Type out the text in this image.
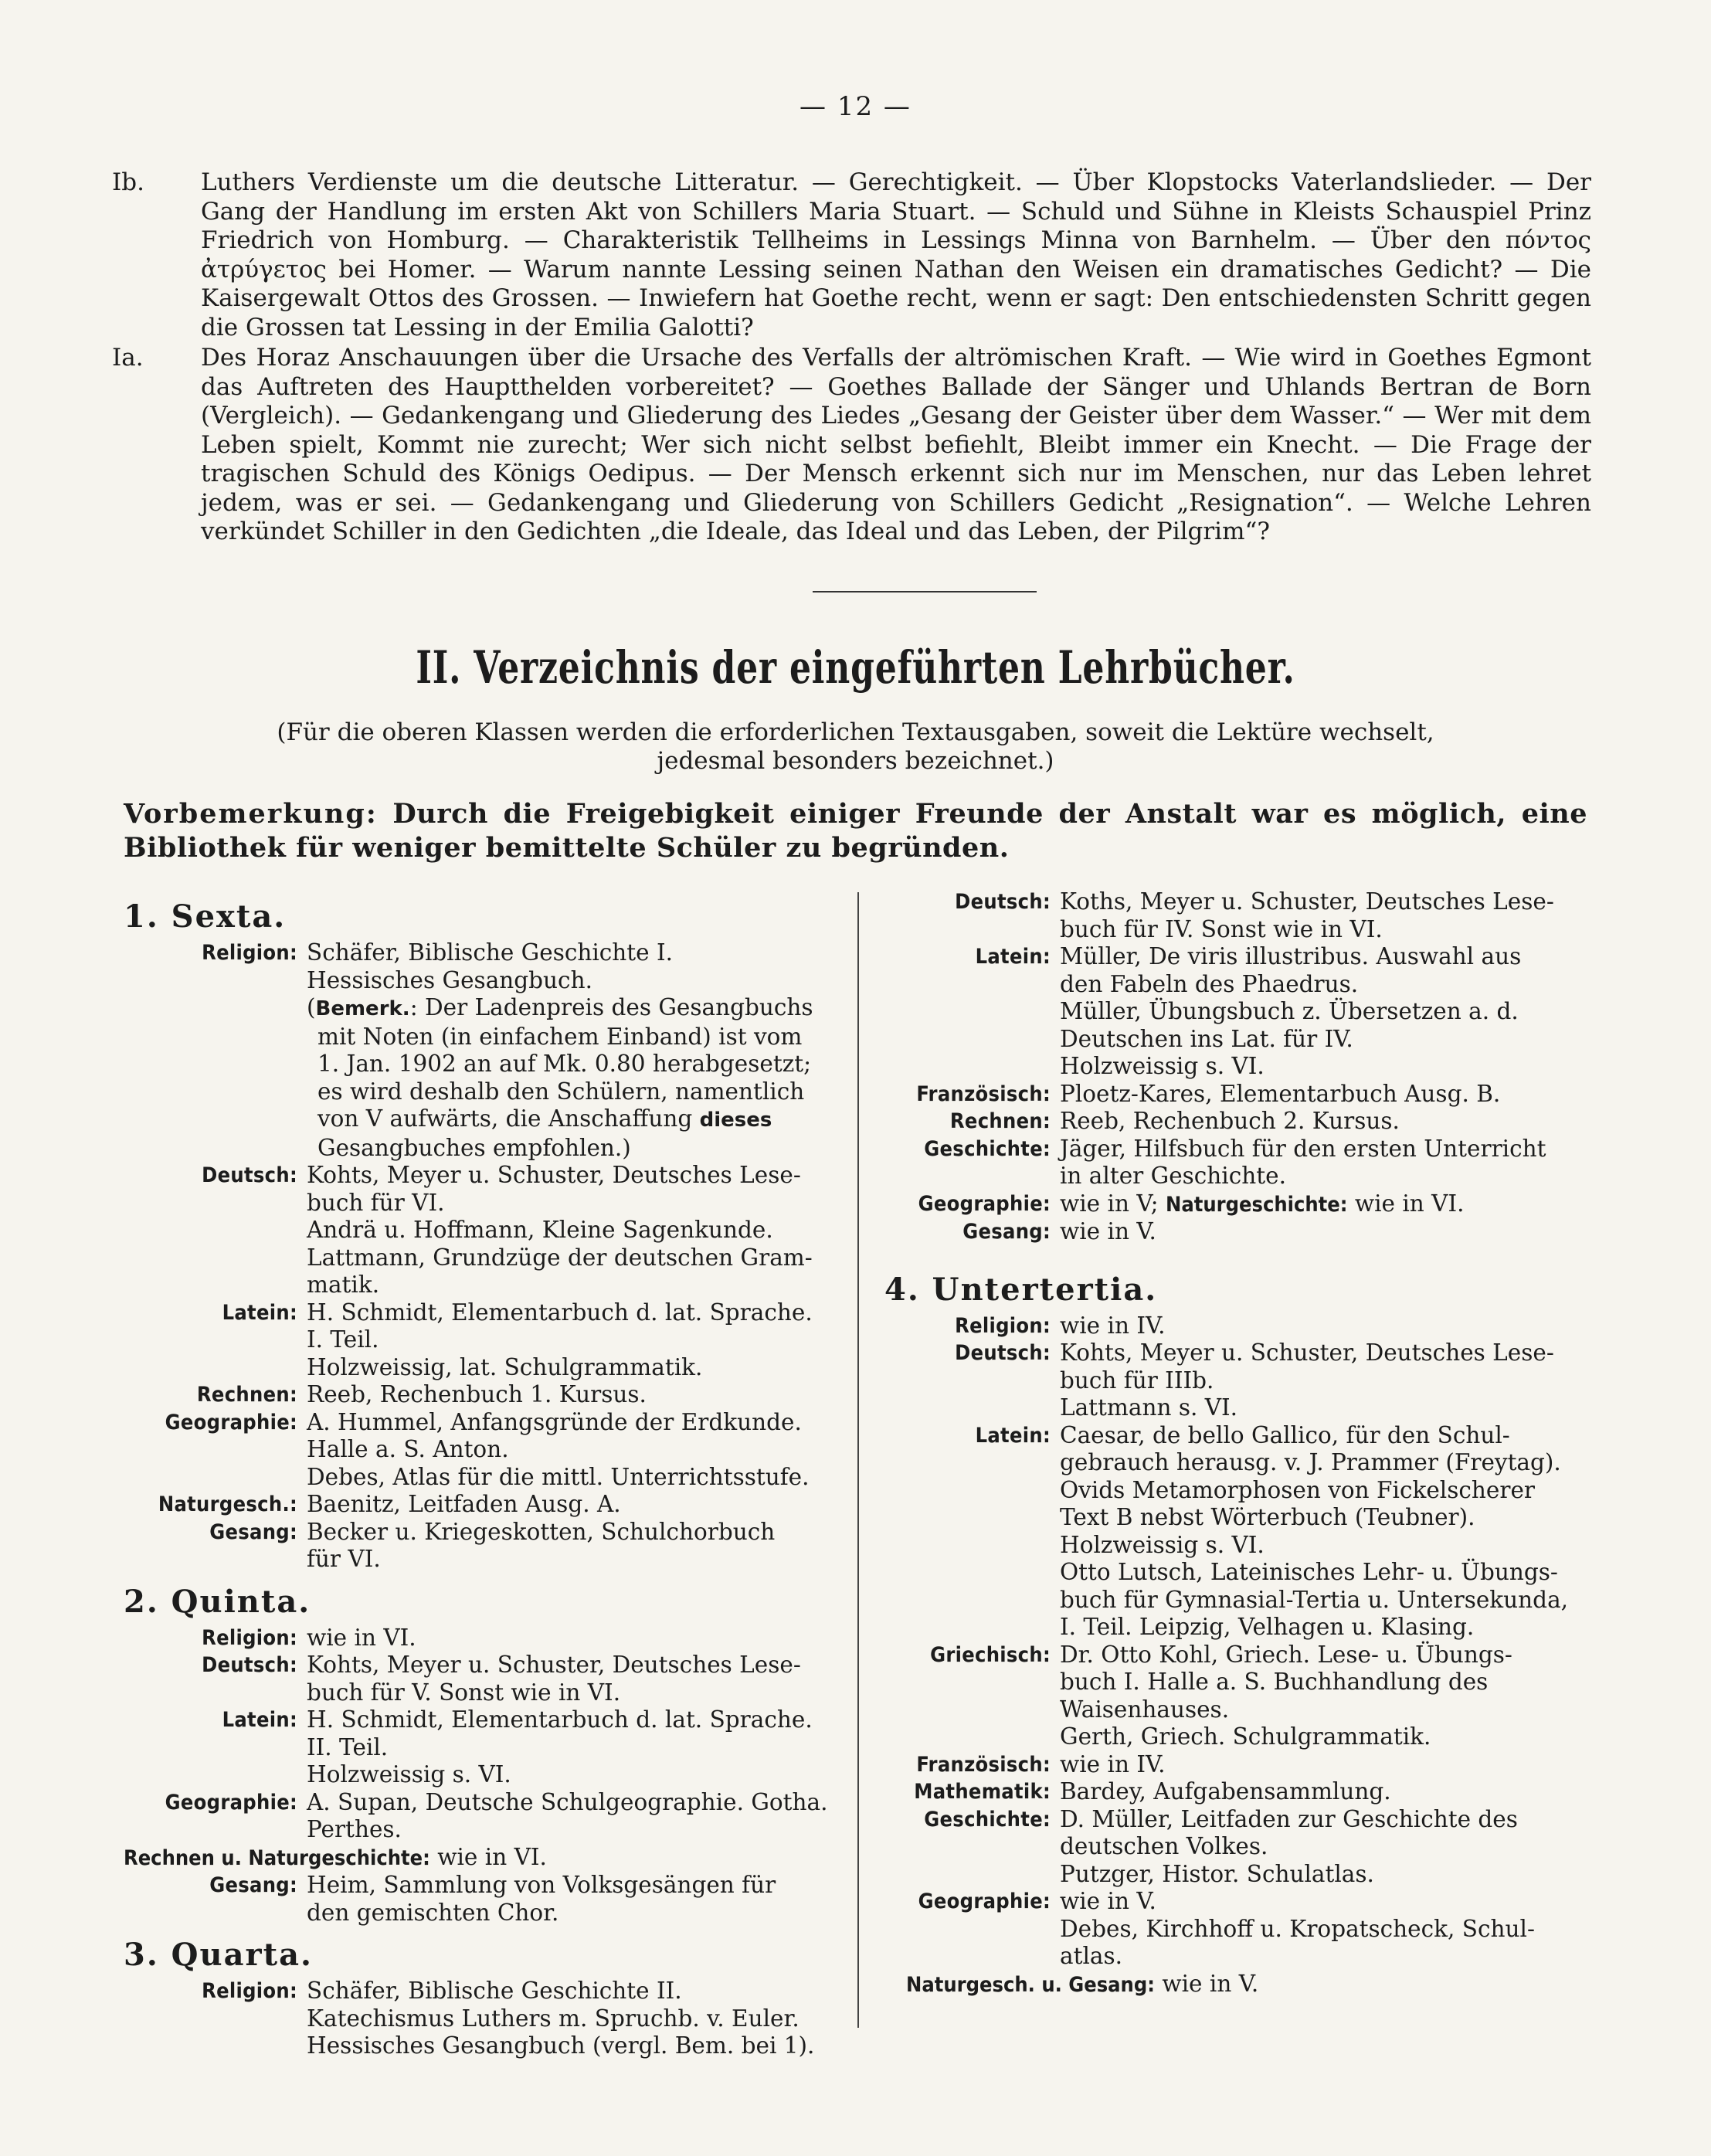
— 12 —
Ib. Luthers Verdienste um die deutsche Litteratur. — Gerechtigkeit. — Über Klopstocks Vaterlandslieder. — Der Gang der Handlung im ersten Akt von Schillers Maria Stuart. — Schuld und Sühne in Kleists Schauspiel Prinz Friedrich von Homburg. — Charakteristik Tellheims in Lessings Minna von Barnhelm. — Über den πόντος ἀτρύγετος bei Homer. — Warum nannte Lessing seinen Nathan den Weisen ein dramatisches Gedicht? — Die Kaisergewalt Ottos des Grossen. — Inwiefern hat Goethe recht, wenn er sagt: Den entschiedensten Schritt gegen die Grossen tat Lessing in der Emilia Galotti?
Ia. Des Horaz Anschauungen über die Ursache des Verfalls der altrömischen Kraft. — Wie wird in Goethes Egmont das Auftreten des Hauptthelden vorbereitet? — Goethes Ballade der Sänger und Uhlands Bertran de Born (Vergleich). — Gedankengang und Gliederung des Liedes „Gesang der Geister über dem Wasser.“ — Wer mit dem Leben spielt, Kommt nie zurecht; Wer sich nicht selbst befiehlt, Bleibt immer ein Knecht. — Die Frage der tragischen Schuld des Königs Oedipus. — Der Mensch erkennt sich nur im Menschen, nur das Leben lehret jedem, was er sei. — Gedankengang und Gliederung von Schillers Gedicht „Resignation“. — Welche Lehren verkündet Schiller in den Gedichten „die Ideale, das Ideal und das Leben, der Pilgrim“?
II. Verzeichnis der eingeführten Lehrbücher.
(Für die oberen Klassen werden die erforderlichen Textausgaben, soweit die Lektüre wechselt,
jedesmal besonders bezeichnet.)
Vorbemerkung: Durch die Freigebigkeit einiger Freunde der Anstalt war es möglich, eine Bibliothek für weniger bemittelte Schüler zu begründen.
1. Sexta.
Religion: Schäfer, Biblische Geschichte I.
Hessisches Gesangbuch.
(Bemerk.: Der Ladenpreis des Gesangbuchs
mit Noten (in einfachem Einband) ist vom
1. Jan. 1902 an auf Mk. 0.80 herabgesetzt;
es wird deshalb den Schülern, namentlich
von V aufwärts, die Anschaffung dieses
Gesangbuches empfohlen.)
Deutsch: Kohts, Meyer u. Schuster, Deutsches Lese-
buch für VI.
Andrä u. Hoffmann, Kleine Sagenkunde.
Lattmann, Grundzüge der deutschen Gram-
matik.
Latein: H. Schmidt, Elementarbuch d. lat. Sprache.
I. Teil.
Holzweissig, lat. Schulgrammatik.
Rechnen: Reeb, Rechenbuch 1. Kursus.
Geographie: A. Hummel, Anfangsgründe der Erdkunde.
Halle a. S. Anton.
Debes, Atlas für die mittl. Unterrichtsstufe.
Naturgesch.: Baenitz, Leitfaden Ausg. A.
Gesang: Becker u. Kriegeskotten, Schulchorbuch
für VI.
2. Quinta.
Religion: wie in VI.
Deutsch: Kohts, Meyer u. Schuster, Deutsches Lese-
buch für V. Sonst wie in VI.
Latein: H. Schmidt, Elementarbuch d. lat. Sprache.
II. Teil.
Holzweissig s. VI.
Geographie: A. Supan, Deutsche Schulgeographie. Gotha.
Perthes.
Rechnen u. Naturgeschichte: wie in VI.
Gesang: Heim, Sammlung von Volksgesängen für
den gemischten Chor.
3. Quarta.
Religion: Schäfer, Biblische Geschichte II.
Katechismus Luthers m. Spruchb. v. Euler.
Hessisches Gesangbuch (vergl. Bem. bei 1).
Deutsch: Koths, Meyer u. Schuster, Deutsches Lese-
buch für IV. Sonst wie in VI.
Latein: Müller, De viris illustribus. Auswahl aus
den Fabeln des Phaedrus.
Müller, Übungsbuch z. Übersetzen a. d.
Deutschen ins Lat. für IV.
Holzweissig s. VI.
Französisch: Ploetz-Kares, Elementarbuch Ausg. B.
Rechnen: Reeb, Rechenbuch 2. Kursus.
Geschichte: Jäger, Hilfsbuch für den ersten Unterricht
in alter Geschichte.
Geographie: wie in V; Naturgeschichte: wie in VI.
Gesang: wie in V.
4. Untertertia.
Religion: wie in IV.
Deutsch: Kohts, Meyer u. Schuster, Deutsches Lese-
buch für IIIb.
Lattmann s. VI.
Latein: Caesar, de bello Gallico, für den Schul-
gebrauch herausg. v. J. Prammer (Freytag).
Ovids Metamorphosen von Fickelscherer
Text B nebst Wörterbuch (Teubner).
Holzweissig s. VI.
Otto Lutsch, Lateinisches Lehr- u. Übungs-
buch für Gymnasial-Tertia u. Untersekunda,
I. Teil. Leipzig, Velhagen u. Klasing.
Griechisch: Dr. Otto Kohl, Griech. Lese- u. Übungs-
buch I. Halle a. S. Buchhandlung des
Waisenhauses.
Gerth, Griech. Schulgrammatik.
Französisch: wie in IV.
Mathematik: Bardey, Aufgabensammlung.
Geschichte: D. Müller, Leitfaden zur Geschichte des
deutschen Volkes.
Putzger, Histor. Schulatlas.
Geographie: wie in V.
Debes, Kirchhoff u. Kropatscheck, Schul-
atlas.
Naturgesch. u. Gesang: wie in V.
